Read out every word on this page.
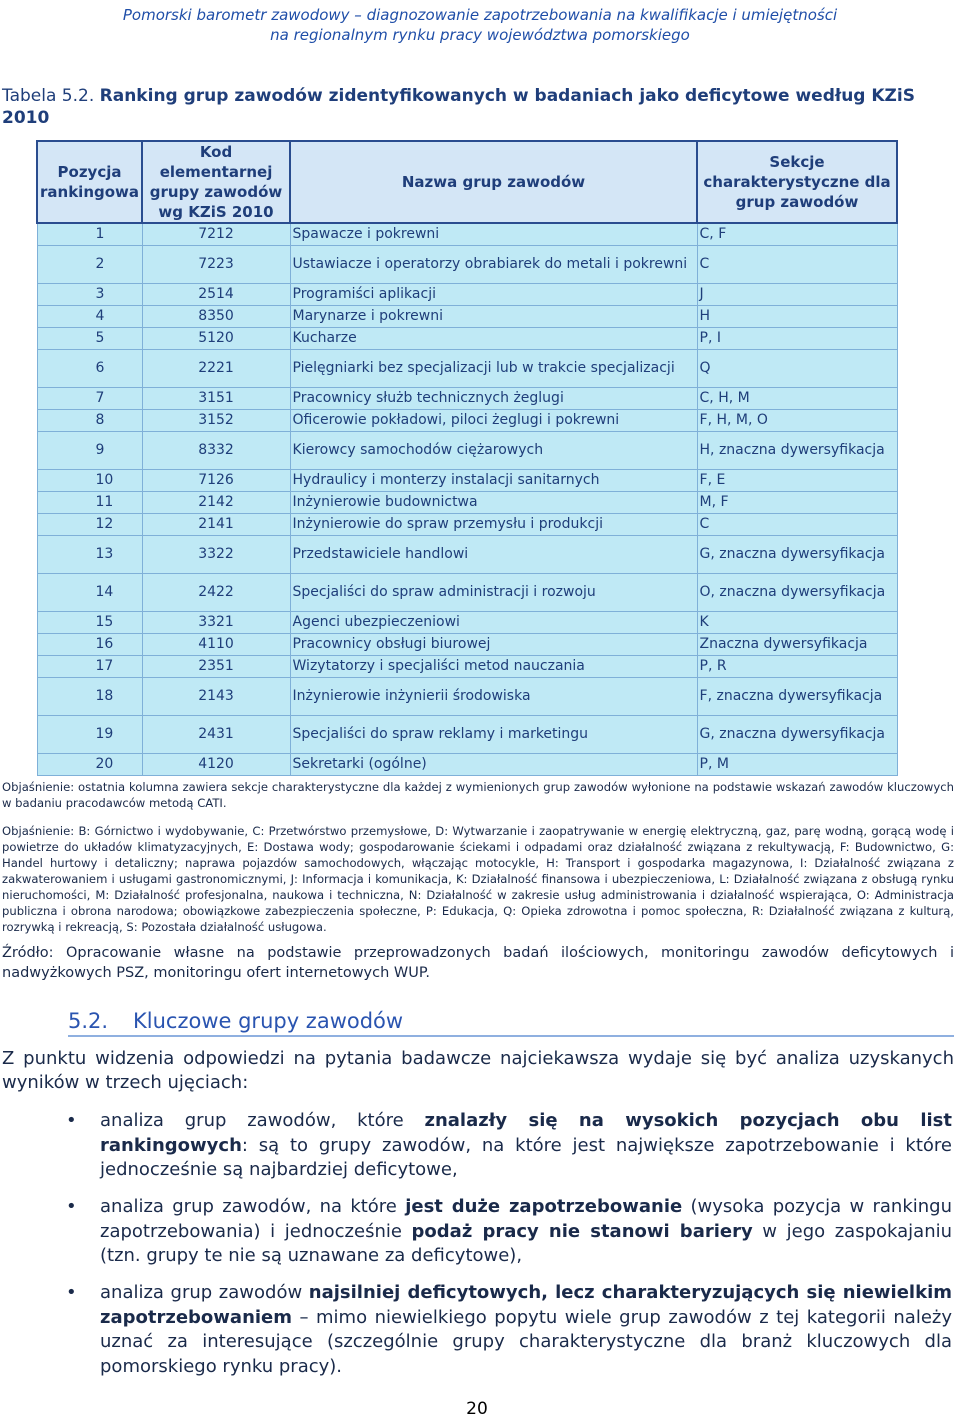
Pomorski barometr zawodowy – diagnozowanie zapotrzebowania na kwalifikacje i umiejętności
na regionalnym rynku pracy województwa pomorskiego
Tabela 5.2. Ranking grup zawodów zidentyfikowanych w badaniach jako deficytowe według KZiS 2010
Pozycja rankingowa	Kod elementarnej grupy zawodów wg KZiS 2010	Nazwa grup zawodów	Sekcje charakterystyczne dla grup zawodów
1	7212	Spawacze i pokrewni	C, F
2	7223	Ustawiacze i operatorzy obrabiarek do metali i pokrewni	C
3	2514	Programiści aplikacji	J
4	8350	Marynarze i pokrewni	H
5	5120	Kucharze	P, I
6	2221	Pielęgniarki bez specjalizacji lub w trakcie specjalizacji	Q
7	3151	Pracownicy służb technicznych żeglugi	C, H, M
8	3152	Oficerowie pokładowi, piloci żeglugi i pokrewni	F, H, M, O
9	8332	Kierowcy samochodów ciężarowych	H, znaczna dywersyfikacja
10	7126	Hydraulicy i monterzy instalacji sanitarnych	F, E
11	2142	Inżynierowie budownictwa	M, F
12	2141	Inżynierowie do spraw przemysłu i produkcji	C
13	3322	Przedstawiciele handlowi	G, znaczna dywersyfikacja
14	2422	Specjaliści do spraw administracji i rozwoju	O, znaczna dywersyfikacja
15	3321	Agenci ubezpieczeniowi	K
16	4110	Pracownicy obsługi biurowej	Znaczna dywersyfikacja
17	2351	Wizytatorzy i specjaliści metod nauczania	P, R
18	2143	Inżynierowie inżynierii środowiska	F, znaczna dywersyfikacja
19	2431	Specjaliści do spraw reklamy i marketingu	G, znaczna dywersyfikacja
20	4120	Sekretarki (ogólne)	P, M
Objaśnienie: ostatnia kolumna zawiera sekcje charakterystyczne dla każdej z wymienionych grup zawodów wyłonione na podstawie wskazań zawodów kluczowych w badaniu pracodawców metodą CATI.
Objaśnienie: B: Górnictwo i wydobywanie, C: Przetwórstwo przemysłowe, D: Wytwarzanie i zaopatrywanie w energię elektryczną, gaz, parę wodną, gorącą wodę i powietrze do układów klimatyzacyjnych, E: Dostawa wody; gospodarowanie ściekami i odpadami oraz działalność związana z rekultywacją, F: Budownictwo, G: Handel hurtowy i detaliczny; naprawa pojazdów samochodowych, włączając motocykle, H: Transport i gospodarka magazynowa, I: Działalność związana z zakwaterowaniem i usługami gastronomicznymi, J: Informacja i komunikacja, K: Działalność finansowa i ubezpieczeniowa, L: Działalność związana z obsługą rynku nieruchomości, M: Działalność profesjonalna, naukowa i techniczna, N: Działalność w zakresie usług administrowania i działalność wspierająca, O: Administracja publiczna i obrona narodowa; obowiązkowe zabezpieczenia społeczne, P: Edukacja, Q: Opieka zdrowotna i pomoc społeczna, R: Działalność związana z kulturą, rozrywką i rekreacją, S: Pozostała działalność usługowa.
Źródło: Opracowanie własne na podstawie przeprowadzonych badań ilościowych, monitoringu zawodów deficytowych i nadwyżkowych PSZ, monitoringu ofert internetowych WUP.
5.2. Kluczowe grupy zawodów
Z punktu widzenia odpowiedzi na pytania badawcze najciekawsza wydaje się być analiza uzyskanych wyników w trzech ujęciach:
• analiza grup zawodów, które znalazły się na wysokich pozycjach obu list rankingowych: są to grupy zawodów, na które jest największe zapotrzebowanie i które jednocześnie są najbardziej deficytowe,
• analiza grup zawodów, na które jest duże zapotrzebowanie (wysoka pozycja w rankingu zapotrzebowania) i jednocześnie podaż pracy nie stanowi bariery w jego zaspokajaniu (tzn. grupy te nie są uznawane za deficytowe),
• analiza grup zawodów najsilniej deficytowych, lecz charakteryzujących się niewielkim zapotrzebowaniem – mimo niewielkiego popytu wiele grup zawodów z tej kategorii należy uznać za interesujące (szczególnie grupy charakterystyczne dla branż kluczowych dla pomorskiego rynku pracy).
20
